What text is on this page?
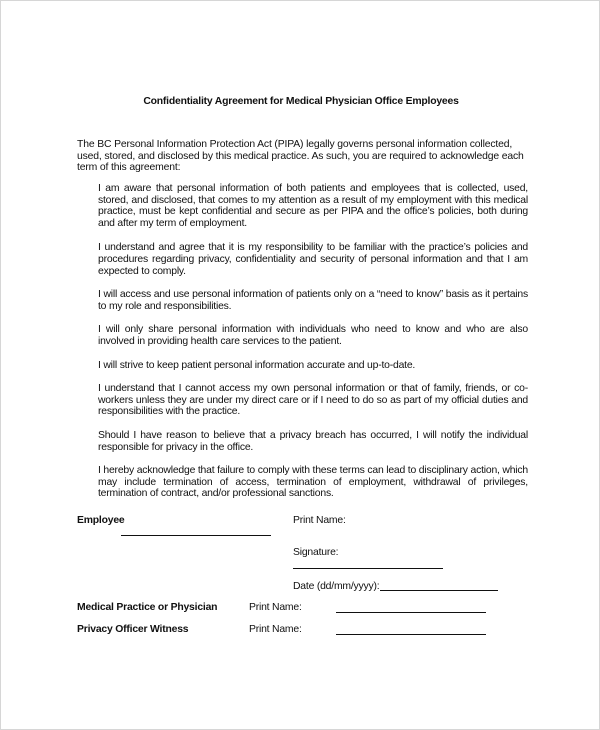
Confidentiality Agreement for Medical Physician Office Employees
The BC Personal Information Protection Act (PIPA) legally governs personal information collected, used, stored, and disclosed by this medical practice. As such, you are required to acknowledge each term of this agreement:

I am aware that personal information of both patients and employees that is collected, used, stored, and disclosed, that comes to my attention as a result of my employment with this medical practice, must be kept confidential and secure as per PIPA and the office’s policies, both during and after my term of employment.

I understand and agree that it is my responsibility to be familiar with the practice’s policies and procedures regarding privacy, confidentiality and security of personal information and that I am expected to comply.

I will access and use personal information of patients only on a “need to know” basis as it pertains to my role and responsibilities.

I will only share personal information with individuals who need to know and who are also involved in providing health care services to the patient.

I will strive to keep patient personal information accurate and up-to-date.

I understand that I cannot access my own personal information or that of family, friends, or co-workers unless they are under my direct care or if I need to do so as part of my official duties and responsibilities with the practice.

Should I have reason to believe that a privacy breach has occurred, I will notify the individual responsible for privacy in the office.

I hereby acknowledge that failure to comply with these terms can lead to disciplinary action, which may include termination of access, termination of employment, withdrawal of privileges, termination of contract, and/or professional sanctions.

Employee	Print Name:
Signature:
Date (dd/mm/yyyy):
Medical Practice or Physician	Print Name:
Privacy Officer Witness	Print Name:
